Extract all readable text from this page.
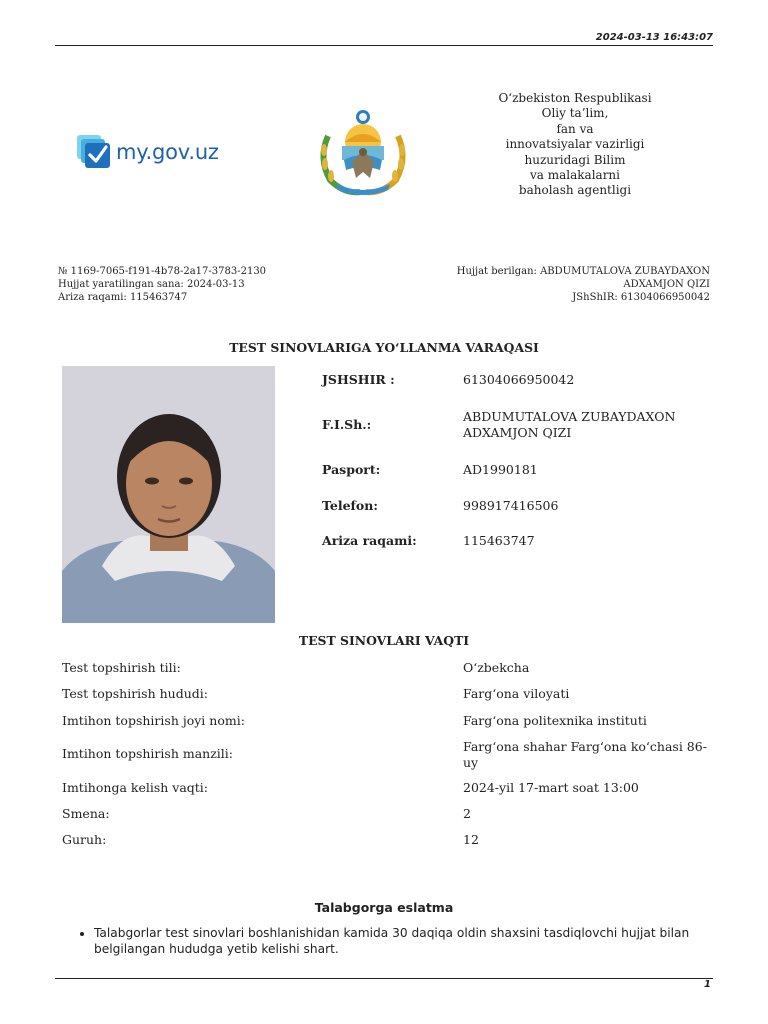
2024-03-13 16:43:07
my.gov.uz
O‘zbekiston Respublikasi
Oliy ta’lim,
fan va
innovatsiyalar vazirligi
huzuridagi Bilim
va malakalarni
baholash agentligi
№ 1169-7065-f191-4b78-2a17-3783-2130
Hujjat yaratilingan sana: 2024-03-13
Ariza raqami: 115463747
Hujjat berilgan: ABDUMUTALOVA ZUBAYDAXON
ADXAMJON QIZI
JShShIR: 61304066950042
TEST SINOVLARIGA YO‘LLANMA VARAQASI
JSHSHIR :	61304066950042
F.I.Sh.:
ABDUMUTALOVA ZUBAYDAXON ADXAMJON QIZI
Pasport:	AD1990181
Telefon:	998917416506
Ariza raqami:	115463747
TEST SINOVLARI VAQTI
Test topshirish tili:	O‘zbekcha
Test topshirish hududi:	Farg‘ona viloyati
Imtihon topshirish joyi nomi:	Farg‘ona politexnika instituti
Imtihon topshirish manzili:	Farg‘ona shahar Farg‘ona ko‘chasi 86-uy
Imtihonga kelish vaqti:	2024-yil 17-mart soat 13:00
Smena:	2
Guruh:	12
Talabgorga eslatma
• Talabgorlar test sinovlari boshlanishidan kamida 30 daqiqa oldin shaxsini tasdiqlovchi hujjat bilan belgilangan hududga yetib kelishi shart.
1
